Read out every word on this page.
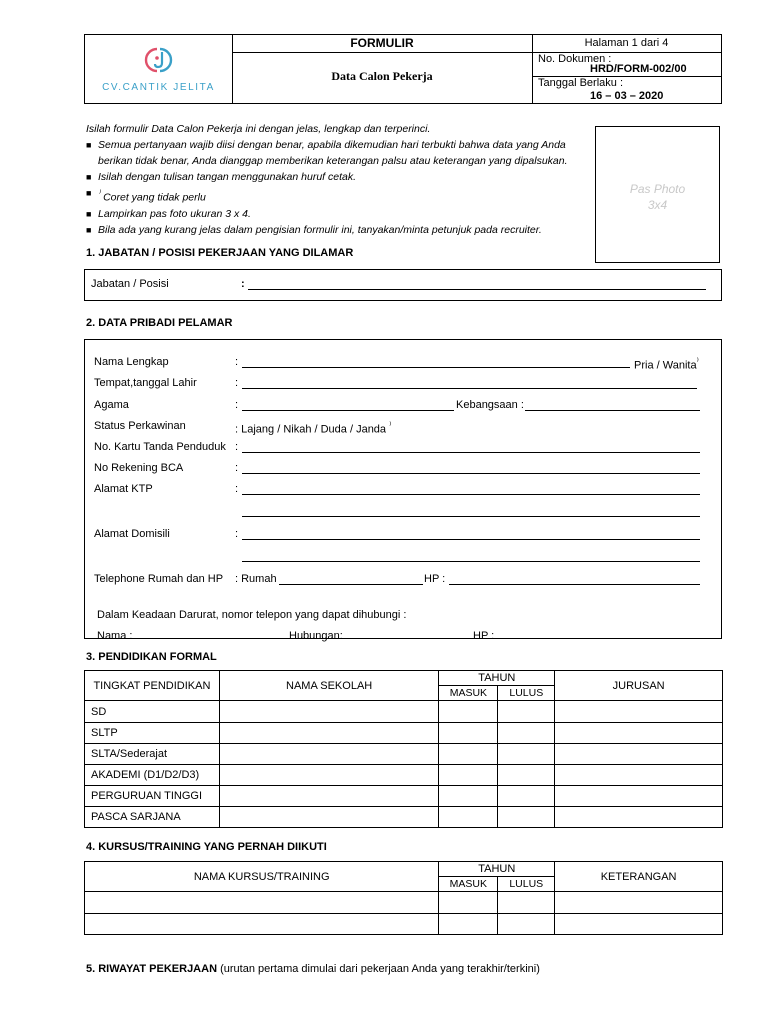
CV.CANTIK JELITA
FORMULIR
Data Calon Pekerja
Halaman 1 dari 4
No. Dokumen :
HRD/FORM-002/00
Tanggal Berlaku :
16 – 03 – 2020
Isilah formulir Data Calon Pekerja ini dengan jelas, lengkap dan terperinci.
■ Semua pertanyaan wajib diisi dengan benar, apabila dikemudian hari terbukti bahwa data yang Anda
berikan tidak benar, Anda dianggap memberikan keterangan palsu atau keterangan yang dipalsukan.
■ Isilah dengan tulisan tangan menggunakan huruf cetak.
■ ⁾ Coret yang tidak perlu
■ Lampirkan pas foto ukuran 3 x 4.
■ Bila ada yang kurang jelas dalam pengisian formulir ini, tanyakan/minta petunjuk pada recruiter.
Pas Photo
3x4
1. JABATAN / POSISI PEKERJAAN YANG DILAMAR
Jabatan / Posisi	:
2. DATA PRIBADI PELAMAR
Nama Lengkap	:	Pria / Wanita⁾
Tempat,tanggal Lahir	:
Agama	:	Kebangsaan :
Status Perkawinan	: Lajang / Nikah / Duda / Janda ⁾
No. Kartu Tanda Penduduk :
No Rekening BCA	:
Alamat KTP	:
Alamat Domisili	:
Telephone Rumah dan HP : Rumah	HP :
Dalam Keadaan Darurat, nomor telepon yang dapat dihubungi :
Nama :	Hubungan:	HP :
3. PENDIDIKAN FORMAL
TINGKAT PENDIDIKAN	NAMA SEKOLAH	TAHUN		JURUSAN
		MASUK	LULUS	
SD				
SLTP				
SLTA/Sederajat				
AKADEMI (D1/D2/D3)				
PERGURUAN TINGGI				
PASCA SARJANA				
4. KURSUS/TRAINING YANG PERNAH DIIKUTI
NAMA KURSUS/TRAINING	TAHUN		KETERANGAN
	MASUK	LULUS	

5. RIWAYAT PEKERJAAN (urutan pertama dimulai dari pekerjaan Anda yang terakhir/terkini)
